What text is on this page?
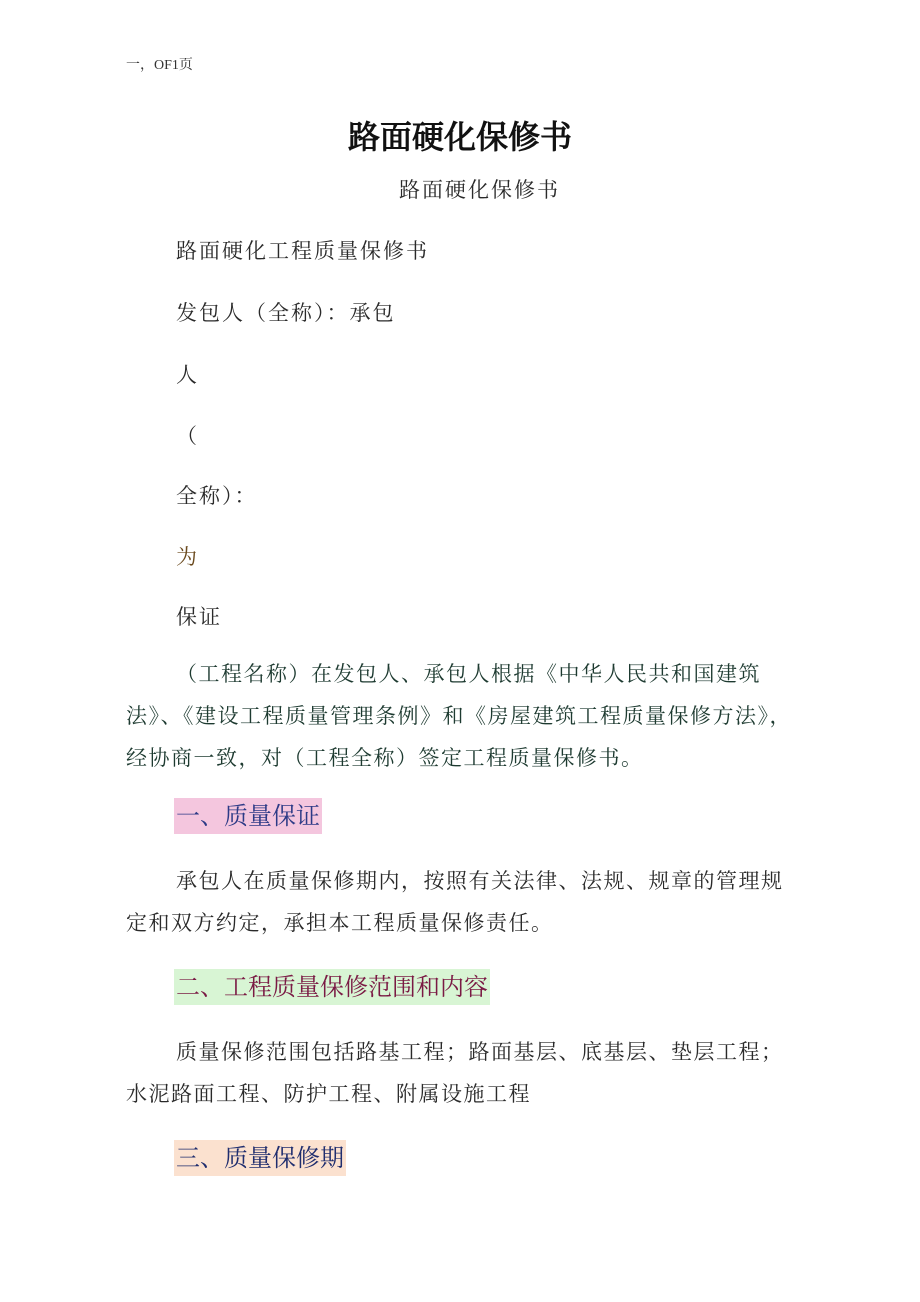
一，OF1页
路面硬化保修书
路面硬化保修书
路面硬化工程质量保修书
发包人（全称）：承包
人
（
全称）：
为
保证

（工程名称）在发包人、承包人根据《中华人民共和国建筑法》、《建设工程质量管理条例》和《房屋建筑工程质量保修方法》，经协商一致，对（工程全称）签定工程质量保修书。

一、质量保证

承包人在质量保修期内，按照有关法律、法规、规章的管理规定和双方约定，承担本工程质量保修责任。

二、工程质量保修范围和内容

质量保修范围包括路基工程；路面基层、底基层、垫层工程；水泥路面工程、防护工程、附属设施工程

三、质量保修期
